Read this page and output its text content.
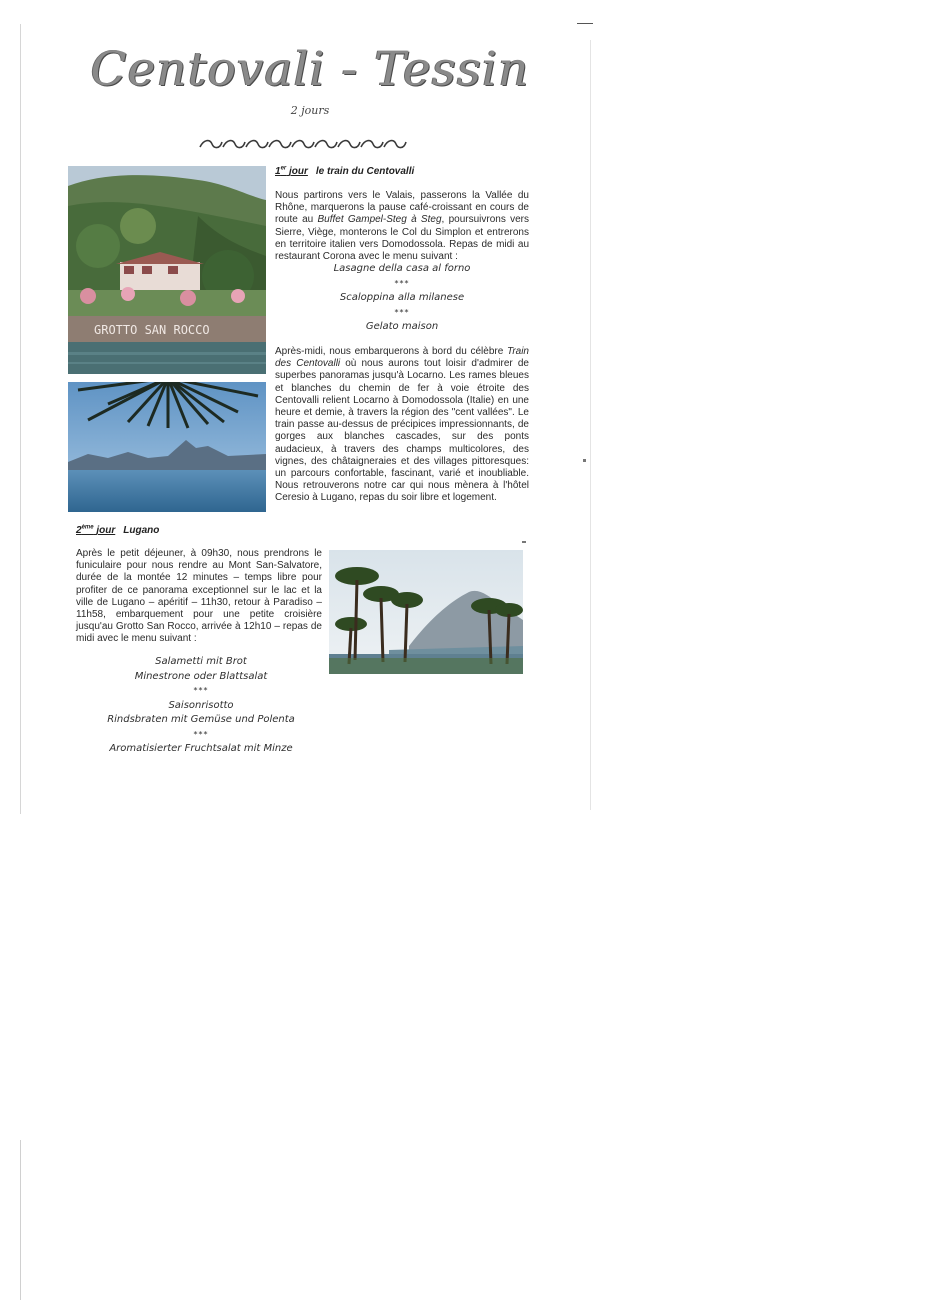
Centovali - Tessin
2 jours
GROTTO SAN ROCCO
1er jour le train du Centovalli
Nous partirons vers le Valais, passerons la Vallée du Rhône, marquerons la pause café-croissant en cours de route au Buffet Gampel-Steg à Steg, poursuivrons vers Sierre, Viège, monterons le Col du Simplon et entrerons en territoire italien vers Domodossola. Repas de midi au restaurant Corona avec le menu suivant :
Lasagne della casa al forno
***
Scaloppina alla milanese
***
Gelato maison
Après-midi, nous embarquerons à bord du célèbre Train des Centovalli où nous aurons tout loisir d'admirer de superbes panoramas jusqu'à Locarno. Les rames bleues et blanches du chemin de fer à voie étroite des Centovalli relient Locarno à Domodossola (Italie) en une heure et demie, à travers la région des "cent vallées". Le train passe au-dessus de précipices impressionnants, de gorges aux blanches cascades, sur des ponts audacieux, à travers des champs multicolores, des vignes, des châtaigneraies et des villages pittoresques: un parcours confortable, fascinant, varié et inoubliable. Nous retrouverons notre car qui nous mènera à l'hôtel Ceresio à Lugano, repas du soir libre et logement.
2ème jour Lugano
Après le petit déjeuner, à 09h30, nous prendrons le funiculaire pour nous rendre au Mont San-Salvatore, durée de la montée 12 minutes – temps libre pour profiter de ce panorama exceptionnel sur le lac et la ville de Lugano – apéritif – 11h30, retour à Paradiso – 11h58, embarquement pour une petite croisière jusqu'au Grotto San Rocco, arrivée à 12h10 – repas de midi avec le menu suivant :
Salametti mit Brot
Minestrone oder Blattsalat
***
Saisonrisotto
Rindsbraten mit Gemüse und Polenta
***
Aromatisierter Fruchtsalat mit Minze
